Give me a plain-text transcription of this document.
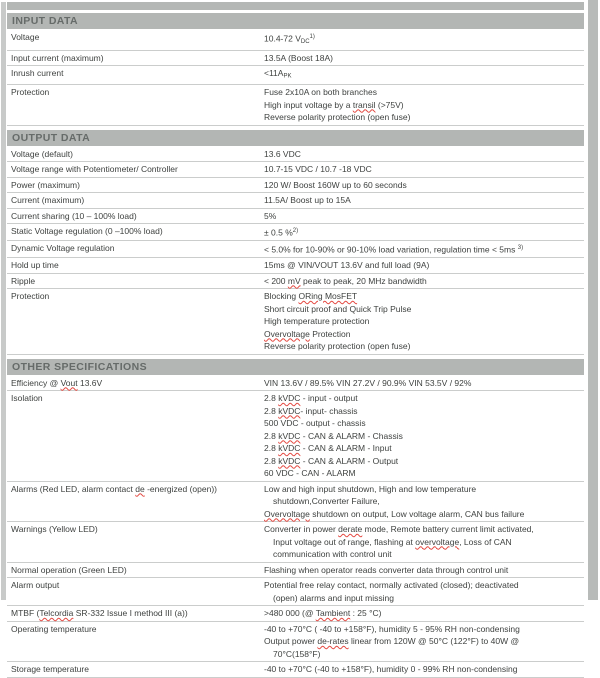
INPUT DATA
Voltage	10.4-72 $V_{DC}^{1)}$
Input current (maximum)	13.5A (Boost 18A)
Inrush current	$<11A_{PK}$
Protection	Fuse 2x10A on both branches
High input voltage by a transil (>75V)
Reverse polarity protection (open fuse)
OUTPUT DATA
Voltage (default)	13.6 VDC
Voltage range with Potentiometer/ Controller	10.7-15 VDC / 10.7 -18 VDC
Power (maximum)	120 W/ Boost 160W up to 60 seconds
Current (maximum)	11.5A/ Boost up to 15A
Current sharing (10 – 100% load)	5%
Static Voltage regulation (0 –100% load)	± 0.5 %$^{2)}$
Dynamic Voltage regulation	< 5.0% for 10-90% or 90-10% load variation, regulation time < 5ms $^{3)}$
Hold up time	15ms @ VIN/VOUT 13.6V and full load (9A)
Ripple	< 200 mV peak to peak, 20 MHz bandwidth
Protection	Blocking ORing MosFET
Short circuit proof and Quick Trip Pulse
High temperature protection
Overvoltage Protection
Reverse polarity protection (open fuse)
OTHER SPECIFICATIONS
Efficiency @ Vout 13.6V	VIN 13.6V / 89.5% VIN 27.2V / 90.9% VIN 53.5V / 92%
Isolation	2.8 kVDC - input - output
2.8 kVDC- input- chassis
500 VDC - output - chassis
2.8 kVDC - CAN & ALARM - Chassis
2.8 kVDC - CAN & ALARM - Input
2.8 kVDC - CAN & ALARM - Output
60 VDC - CAN - ALARM
Alarms (Red LED, alarm contact de -energized (open))	Low and high input shutdown, High and low temperature
shutdown,Converter Failure,
Overvoltage shutdown on output, Low voltage alarm, CAN bus failure
Warnings (Yellow LED)	Converter in power derate mode, Remote battery current limit activated,
Input voltage out of range, flashing at overvoltage, Loss of CAN
communication with control unit
Normal operation (Green LED)	Flashing when operator reads converter data through control unit
Alarm output	Potential free relay contact, normally activated (closed); deactivated
(open) alarms and input missing
MTBF (Telcordia SR-332 Issue I method III (a))	>480 000 (@ Tambient : 25 °C)
Operating temperature	-40 to +70°C ( -40 to +158°F), humidity 5 - 95% RH non-condensing
Output power de-rates linear from 120W @ 50°C (122°F) to 40W @
70°C(158°F)
Storage temperature	-40 to +70°C (-40 to +158°F), humidity 0 - 99% RH non-condensing
